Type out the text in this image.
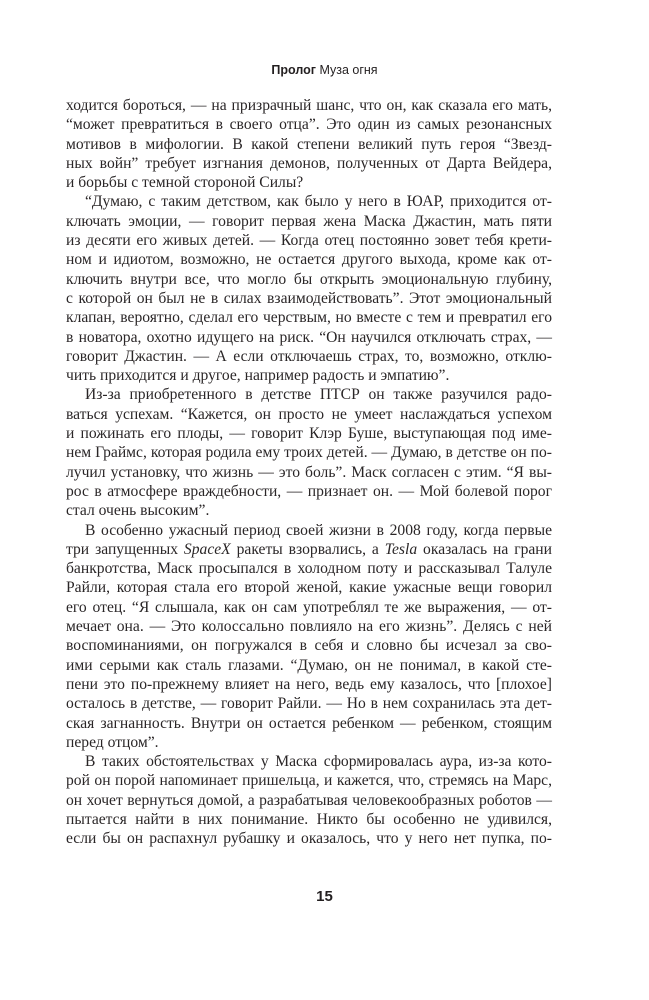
Пролог Муза огня
ходится бороться, — на призрачный шанс, что он, как сказала его мать,
“может превратиться в своего отца”. Это один из самых резонансных
мотивов в мифологии. В какой степени великий путь героя “Звезд-
ных войн” требует изгнания демонов, полученных от Дарта Вейдера,
и борьбы с темной стороной Силы?
“Думаю, с таким детством, как было у него в ЮАР, приходится от-
ключать эмоции, — говорит первая жена Маска Джастин, мать пяти
из десяти его живых детей. — Когда отец постоянно зовет тебя крети-
ном и идиотом, возможно, не остается другого выхода, кроме как от-
ключить внутри все, что могло бы открыть эмоциональную глубину,
с которой он был не в силах взаимодействовать”. Этот эмоциональный
клапан, вероятно, сделал его черствым, но вместе с тем и превратил его
в новатора, охотно идущего на риск. “Он научился отключать страх, —
говорит Джастин. — А если отключаешь страх, то, возможно, отклю-
чить приходится и другое, например радость и эмпатию”.
Из-за приобретенного в детстве ПТСР он также разучился радо-
ваться успехам. “Кажется, он просто не умеет наслаждаться успехом
и пожинать его плоды, — говорит Клэр Буше, выступающая под име-
нем Граймс, которая родила ему троих детей. — Думаю, в детстве он по-
лучил установку, что жизнь — это боль”. Маск согласен с этим. “Я вы-
рос в атмосфере враждебности, — признает он. — Мой болевой порог
стал очень высоким”.
В особенно ужасный период своей жизни в 2008 году, когда первые
три запущенных SpaceX ракеты взорвались, а Tesla оказалась на грани
банкротства, Маск просыпался в холодном поту и рассказывал Талуле
Райли, которая стала его второй женой, какие ужасные вещи говорил
его отец. “Я слышала, как он сам употреблял те же выражения, — от-
мечает она. — Это колоссально повлияло на его жизнь”. Делясь с ней
воспоминаниями, он погружался в себя и словно бы исчезал за сво-
ими серыми как сталь глазами. “Думаю, он не понимал, в какой сте-
пени это по-прежнему влияет на него, ведь ему казалось, что [плохое]
осталось в детстве, — говорит Райли. — Но в нем сохранилась эта дет-
ская загнанность. Внутри он остается ребенком — ребенком, стоящим
перед отцом”.
В таких обстоятельствах у Маска сформировалась аура, из-за кото-
рой он порой напоминает пришельца, и кажется, что, стремясь на Марс,
он хочет вернуться домой, а разрабатывая человекообразных роботов —
пытается найти в них понимание. Никто бы особенно не удивился,
если бы он распахнул рубашку и оказалось, что у него нет пупка, по-
15
